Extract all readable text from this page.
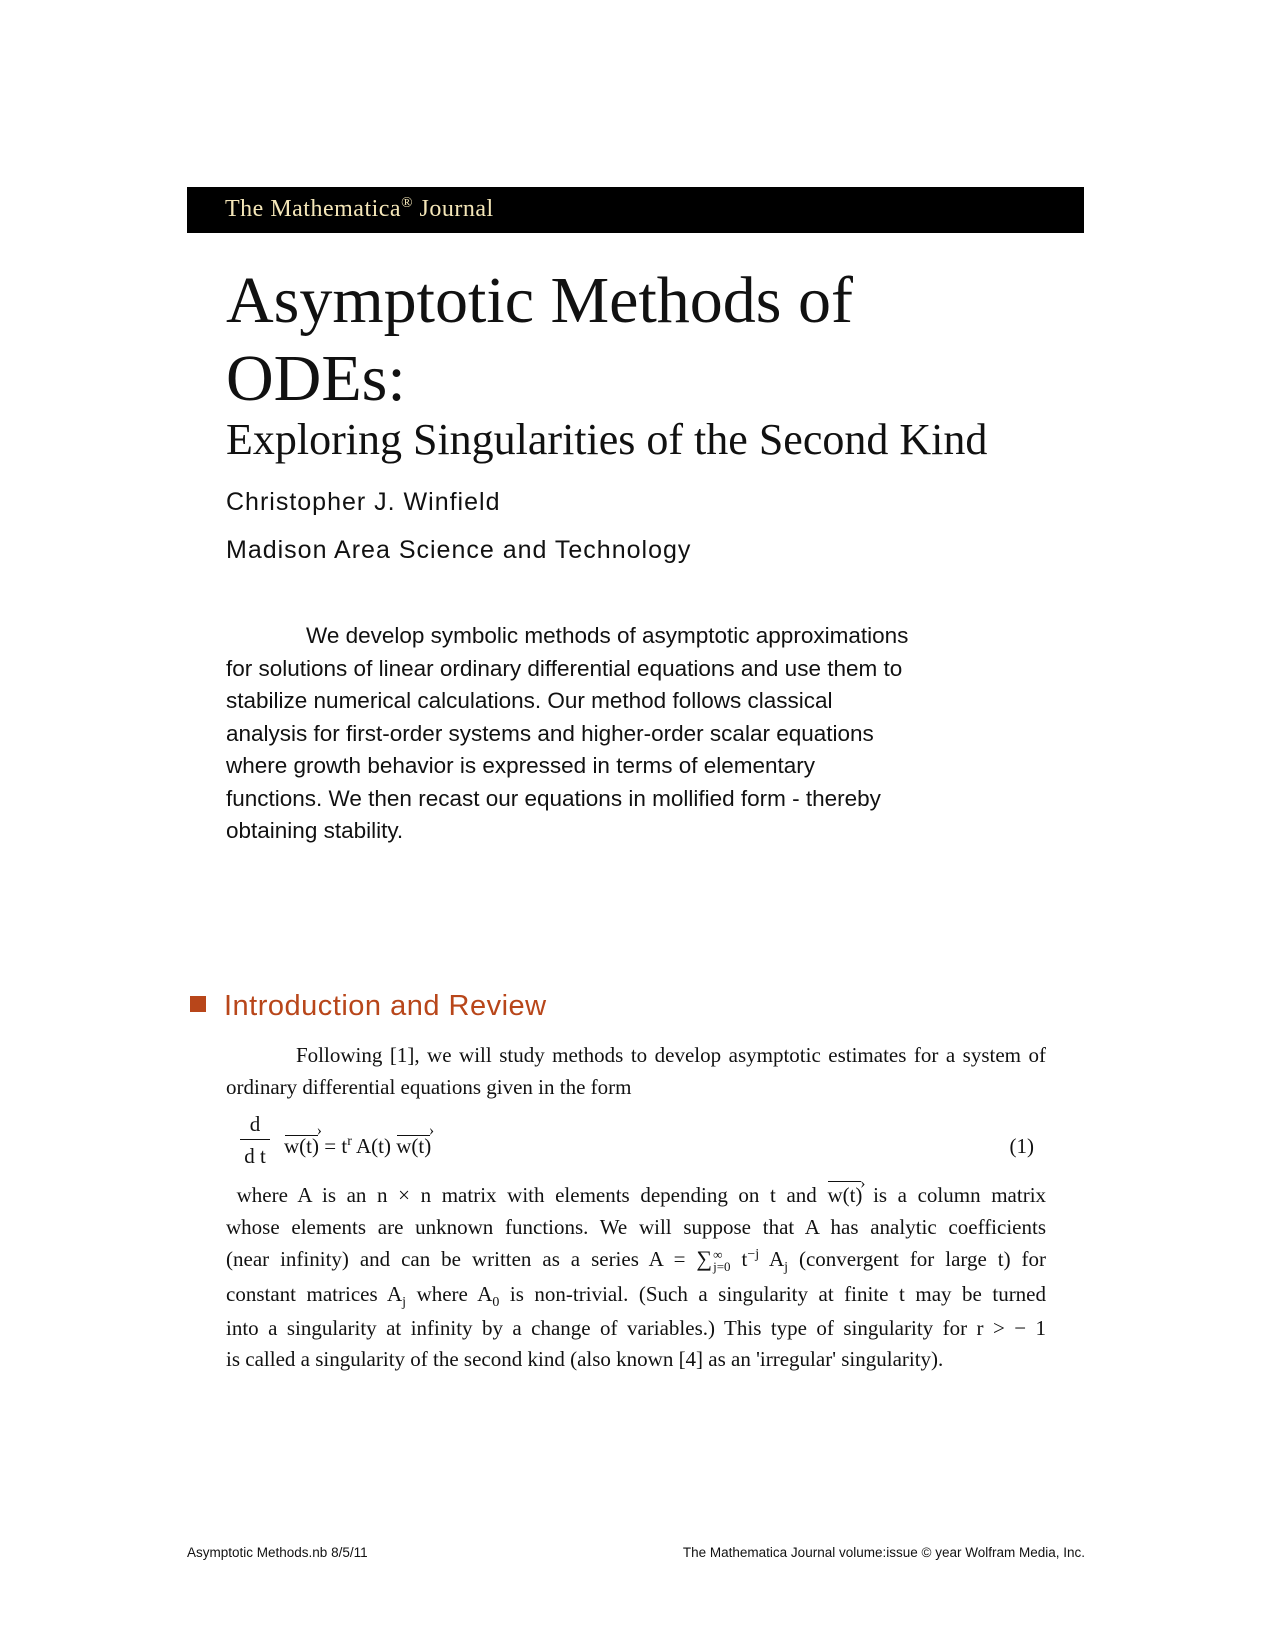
The Mathematica® Journal
Asymptotic Methods of
ODEs:
Exploring Singularities of the Second Kind
Christopher J. Winfield
Madison Area Science and Technology

We develop symbolic methods of asymptotic approximations for solutions of linear ordinary differential equations and use them to stabilize numerical calculations. Our method follows classical analysis for first-order systems and higher-order scalar equations where growth behavior is expressed in terms of elementary functions. We then recast our equations in mollified form - thereby obtaining stability.

Introduction and Review

Following [1], we will study methods to develop asymptotic estimates for a system of ordinary differential equations given in the form

d
d t w(t) › = $t^r$ A(t) w(t) ›	(1)
where A is an n × n matrix with elements depending on t and w(t) › is a column matrix
whose elements are unknown functions. We will suppose that A has analytic coefficients
(near infinity) and can be written as a series A = ∑ ∞
j=0 $t^{-j}$ $A_j$ (convergent for large t) for
constant matrices $A_j$ where $A_0$ is non-trivial. (Such a singularity at finite t may be turned
into a singularity at infinity by a change of variables.) This type of singularity for r > − 1
is called a singularity of the second kind (also known [4] as an 'irregular' singularity).
Asymptotic Methods.nb 8/5/11	The Mathematica Journal volume:issue © year Wolfram Media, Inc.
